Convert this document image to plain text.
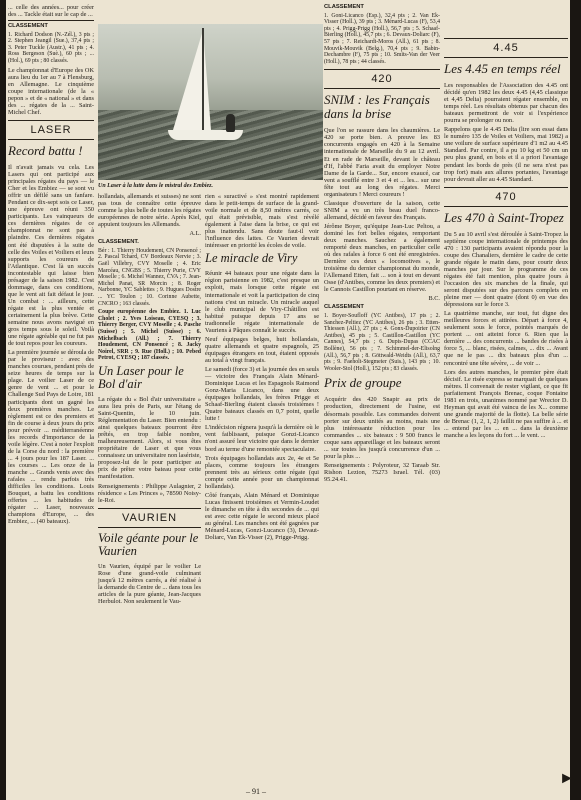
... celle des années... pour créer des ... Tackle était sur le cap de ...

CLASSEMENT

1. Richard Dodson (N.-Zél.), 3 pts ; 2. Stephen Jeangil (Sue.), 37,4 pts ; 3. Peter Tuckle (Austr.), 41 pts ; 4. Ross Bergeson (Suè.), 60 pts ; ... (Hol.), 69 pts ; 80 classés.

Le championnat d'Europe des OK aura lieu du 1er au 7 à Flensburg, en Allemagne. Le cinquième coupe internationale (de la « pepon » et de « national » et dans des ... régates de la ... Saint-Michel Chef.

LASER
Record battu !

Il n'avait jamais vu cela. Les Lasers qui ont participé aux principales régates du pays — le Cher et les Embiez — se sont vu offrir un défilé sans un fanfare. Pendant ce dix-sept sois ce Laser, une épreuve ont réuni 350 participants. Les vainqueurs de ces dernières régates de ce championnat ne sont pas à plaindre. Ces dernières régates ont été disputées à la suite de celle des Voiles et Voiliers et leurs supports les coureurs de l'Atlantique. C'est là un succès incontestable qui laisse bien présager de la saison 1982. C'est dommage, dans ces conditions, que le vent ait fait défaut le jour. Un combat : ... ailleurs, cette régate est la plus ventée et certainement la plus brève. Cette semaine nous avons navigué en gros temps sous le soleil. Voilà une régate agréable qui ne fut pas de tout repos pour les coureurs.

La première journée se déroula de par le proviseur : avec des manches courues, pendant près de seize heures de temps sur la plage. Le voilier Laser de ce genre de vent ... et pour le Challenge Sud Pays de Loire, 181 participants dont un gagné les deux premières manches. Le règlement est ce des premiers et fin de course à deux jours du prix pour prévoir ... méditerranéenne les records d'importance de la voile légère. C'est à noter l'exploit de la Corse du nord : la première ... 4 jours pour les 187 Laser. ... les courses ... Les onze de la manche ... Grands vents avec des rafales ... rendu parfois très difficiles les conditions. Louis Bouquet, a battu les conditions offertes ... les habitudes de régater ... Laser, nouveaux champions d'Europe, ... des Embiez, ... (40 bateaux).

Un Laser à la lutte dans le mistral des Embiez.

hollandais, allemands et suisses) ne sont pas tous de connaître cette épreuve comme la plus belle de toutes les régates européennes de notre série. Après Kiel, appuient toujours les Allemands.

A.L.

CLASSEMENT.

Bér : 1. Thierry Houdement, CN Ponsencé ; 2. Pascal Tchard, CV Bordeaux Nervie ; 3. Gaël Villebry, CVY Moselle ; 4. Eric Marcéau, CNGBS ; 5. Thierry Purie, CVY Moselle ; 6. Michel Wannez, CVA ; 7. Jean-Michel Panat, SR Morcin ; 8. Roger Narbonne, YC Sablettes ; 9. Hugues Dostre ... YC Toulon ; 10. Corinne Aubette, CNCRO ; 163 classés.

Coupe européenne des Embiez. 1. Luc Cholet ; 2. Yves Loiseau, CYESQ ; 3. Thierry Berger, CVY Moselle ; 4. Pasche (Suisse) ; 5. Michel (Suisse) ; 6. Michelbach (All.) ; 7. Thierry Houdement, CN Ponsencé ; 8. Jacky Noirel, SRR ; 9. Rue (Holl.) ; 10. Pebed Petrot, CYESQ ; 187 classés.

Un Laser pour le Bol d'air

La régate du « Bol d'air universitaire » aura lieu près de Paris, sur l'étang de Saint-Quentin, le 10 juin. Réglementation du Laser. Bien entendu : ainsi quelques bateaux pourront être prêtés, en trop faible nombre, malheureusement. Alors, si vous êtes propriétaire de Laser et que vous connaissez un universitaire non lasériste, proposez-lui de le pour participer au prix de prêter votre bateau pour cette manifestation.

Renseignements : Philippe Aulagnier, 2 résidence « Les Princes », 78590 Noisy-le-Roi.

VAURIEN
Voile géante pour le Vaurien

Un Vaurien, équipé par le voilier Le Rose d'une grand-voile culminant jusqu'à 12 mètres carrés, a été réalisé à la demande du Centre de ... dans tous les articles de la pure géante, Jean-Jacques Herbulot. Non seulement le Vau-

rien « suractivé » s'est montré rapidement dans le petit-temps de surface de la grand-voile normale et de 8,50 mètres carrés, ce qui était prévisible, mais s'est révélé également à l'aise dans la brise, ce qui est plus inattendu. Sans doute faut-il voir l'influence des lattes. Ce Vaurien devrait intéresser en priorité les écoles de voile.

Le miracle de Viry

Réunir 44 bateaux pour une régate dans la région parisienne en 1982, c'est presque un exploit, mais lorsque cette régate est internationale et voit la participation de cinq nations c'est un miracle. Un miracle auquel le club municipal de Viry-Châtillon est habitué puisque depuis 17 ans se tradionnelle régate internationale de Vauriens à Pâques connaît le succès.

Neuf équipages belges, huit hollandais, quatre allemands et quatre espagnols, 25 équipages étrangers en tout, étaient opposés au total à vingt français.

Le samedi (force 3) et la journée des en seuls — victoire des Français Alain Ménard-Dominique Lucas et les Espagnols Raimond Gonz-Maria Licanco, dans une deux équipages hollandais, les frères Prigge et Schaaf-Bierling étaient classés troisièmes ! Quatre bateaux classés en 0,7 point, quelle lutte !

L'indécision régnera jusqu'à la dernière où le vent faiblissant, puisque Gonzi-Licanco n'ont assuré leur victoire que dans le dernier bord au terme d'une remontée spectaculaire.

Trois équipages hollandais aux 2e, 4e et 5e places, comme toujours les étrangers prennent très au sérieux cette régate (qui compte cette année pour un championnat hollandais).

Côté français, Alain Ménard et Dominique Lucas finissent troisièmes et Vermin-Loudet le dimanche en tête à dix secondes de ... qui est avec cette régate le second mieux placé au général. Les manches ont été gagnées par Ménard-Lucas, Gonzi-Lucanco (3), Devaut-Doliarc, Van Ek-Visser (2), Prigge-Prigg.

CLASSEMENT

1. Goni-Licanco (Esp.), 32,4 pts ; 2. Van Ek-Visser (Holl.), 39 pts ; 3. Ménard-Lucas (F), 53,4 pts ; 4. Prigg-Prigg (Holl.), 56,7 pts ; 5. Schaaf-Bierling (Holl.), 45,7 pts ; 6. Devaux-Doliarc (F), 57 pts ; 7. Reichardt-Moros (All.), 61 pts ; 8. Mouvik-Mouvik (Belg.), 70,4 pts ; 9. Babin-Dechambre (F), 75 pts ; 10. Smits-Van der Veer (Holl.), 78 pts ; 44 classés.

420
SNIM : les Français dans la brise

Que l'on se rassure dans les chaumières. Le 420 se porte bien. A preuve les 83 concurrents engagés en 420 à la Semaine internationale de Marseille du 9 au 12 avril. Et en rade de Marseille, devant le château d'If, l'abbé Faria avait du employer Notre Dame de la Garde... Sur, encore exaucé, car vent a soufflé entre 3 et 4 et ... les... sur une fête tout au long des régates. Merci organisateurs ! Merci coureurs !

Classique d'ouverture de la saison, cette SNIM a vu un très beau duel franco-allemand, décidé en faveur des Français.

Jérôme Boyer, qu'équipe Jean-Luc Peltou, a dominé les fort belles régates, remportant deux manches. Sauchez a également remporté deux manches, en particulier celle où des rafales à force 6 ont été enregistrées. Dernière ces deux « locomotives », le troisième du dernier championnat du monde, l'Allemand Etten, fait ... son à tout en devant Osse (d'Antibes, comme les deux premiers) et le Cannois Castillon pourtant en réserve.

B.C.

CLASSEMENT

1. Boyer-Soufloff (YC Antibes), 17 pts ; 2. Sanchez-Peltiez (YC Antibes), 26 pts ; 3. Etten-Thiessen (All.), 27 pts ; 4. Gonx-Dupoirier (CN Antibes), 45 pts ; 5. Castillon-Castillon (YC Cannes), 54,7 pts ; 6. Dupis-Dupas (CCAC Bollène), 56 pts ; 7. Schimmel-der-Elisolng (All.), 56,7 pts ; 8. Göttwald-Weidts (All.), 63,7 pts ; 9. Faeholt-Stegmeier (Suis.), 143 pts ; 10. Wooler-Stol (Holl.), 152 pts ; 83 classés.

Prix de groupe

Acquérir des 420 Snapir au prix de production, directement de l'usine, est désormais possible. Les commandes doivent porter sur deux unités au moins, mais une plus intéressante réduction pour les commandes ... six bateaux : 9 500 francs le coque sans appareillage et les bateaux seront ... sur toutes les jusqu'à concurrence d'un ... pour la plus ...

Renseignements : Polyroteur, 32 Taraab Str. Rishon Lezion, 75273 Israel. Tél. (03) 95.24.41.

4.45
Les 4.45 en temps réel

Les responsables de l'Association des 4.45 ont décidé qu'en 1982 les deux 4.45 (4,45 classique et 4,45 Delta) pourraient régater ensemble, en temps réel. Les résultats obtenus par chacun des bateaux permettront de voir si l'expérience pourra se prolonger ou non.

Rappelons que le 4.45 Delta (lire son essai dans le numéro 135 de Voiles et Voiliers, mai 1982) a une voilure de surface supérieure d'1 m2 au 4.45 Standard. Par contre, il a pu 10 kg et 50 cm un peu plus grand, en bois et il a priori l'avantage pendant les bords de près (il ne sera n'est pas trop fort) mais aux allures portantes, l'avantage pour devrait aller au 4.45 Standard.

470
Les 470 à Saint-Tropez

Du 5 au 10 avril s'est déroulée à Saint-Tropez la septième coupe internationale de printemps des 470 : 130 participants avaient répondu pour la coupe des Chanaliers, dernière le cadre de cette grande régate le matin dans, pour courir deux manches par jour. Sur le programme de ces régates été fait mention, plus quatre jours à l'occasion des six manches de la finale, qui seront disputées sur des parcours complets en pleine mer — dont quatre (dont 0) en vue des dépressions sur le force 3.

La quatrième manche, sur tout, fut digne des meilleures forces et attirées. Départ à force 4, seulement sous le force, pointés marqués de portent ... ont atteint force 6. Rien que la dernière ... des concurrents ... bandes de risées à force 5, ... blanc, risées, calmes, ... dix ... Avant que ne le pas ... dix bateaux plus d'un ... rencontré une tête sévère, ... de voir ...

Lors des autres manches, le premier père était décisif. Le risée express se marquait de quelques mètres. Il convenait de rester vigilant, ce que fit parfaitement François Brenac, coque Fontaine 1981 en trois, unanimes nommé par Wrector D. Heyman qui avait été vaincu de les X... comme une grande majorité de la flotte). La belle série de Brenac (1, 2, 1, 2) faillit ne pas suffire à ... et ... entend par les ... en ... dans la deuxième manche a les leçons du fort ... le vent. ...

– 91 –
►
